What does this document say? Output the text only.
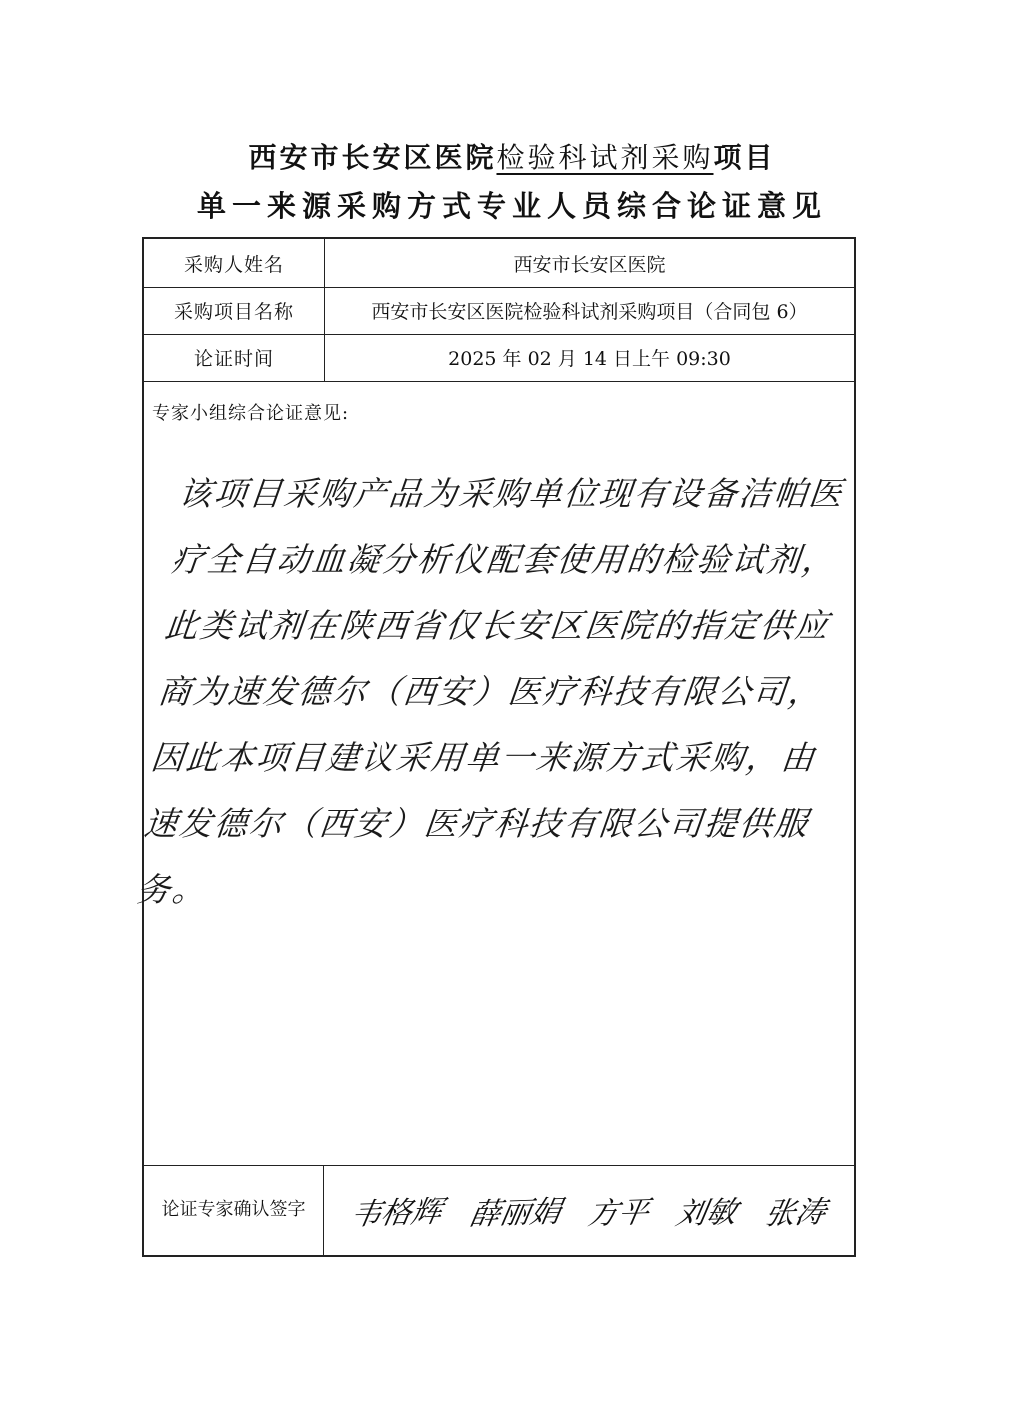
西安市长安区医院检验科试剂采购项目
单一来源采购方式专业人员综合论证意见
采购人姓名	西安市长安区医院
采购项目名称	西安市长安区医院检验科试剂采购项目（合同包 6）
论证时间	2025 年 02 月 14 日上午 09:30
专家小组综合论证意见:
该项目采购产品为采购单位现有设备洁帕医疗全自动血凝分析仪配套使用的检验试剂，此类试剂在陕西省仅长安区医院的指定供应商为速发德尔（西安）医疗科技有限公司，因此本项目建议采用单一来源方式采购，由速发德尔（西安）医疗科技有限公司提供服务。
论证专家确认签字	韦格辉 薛丽娟 方平 刘敏 张涛
